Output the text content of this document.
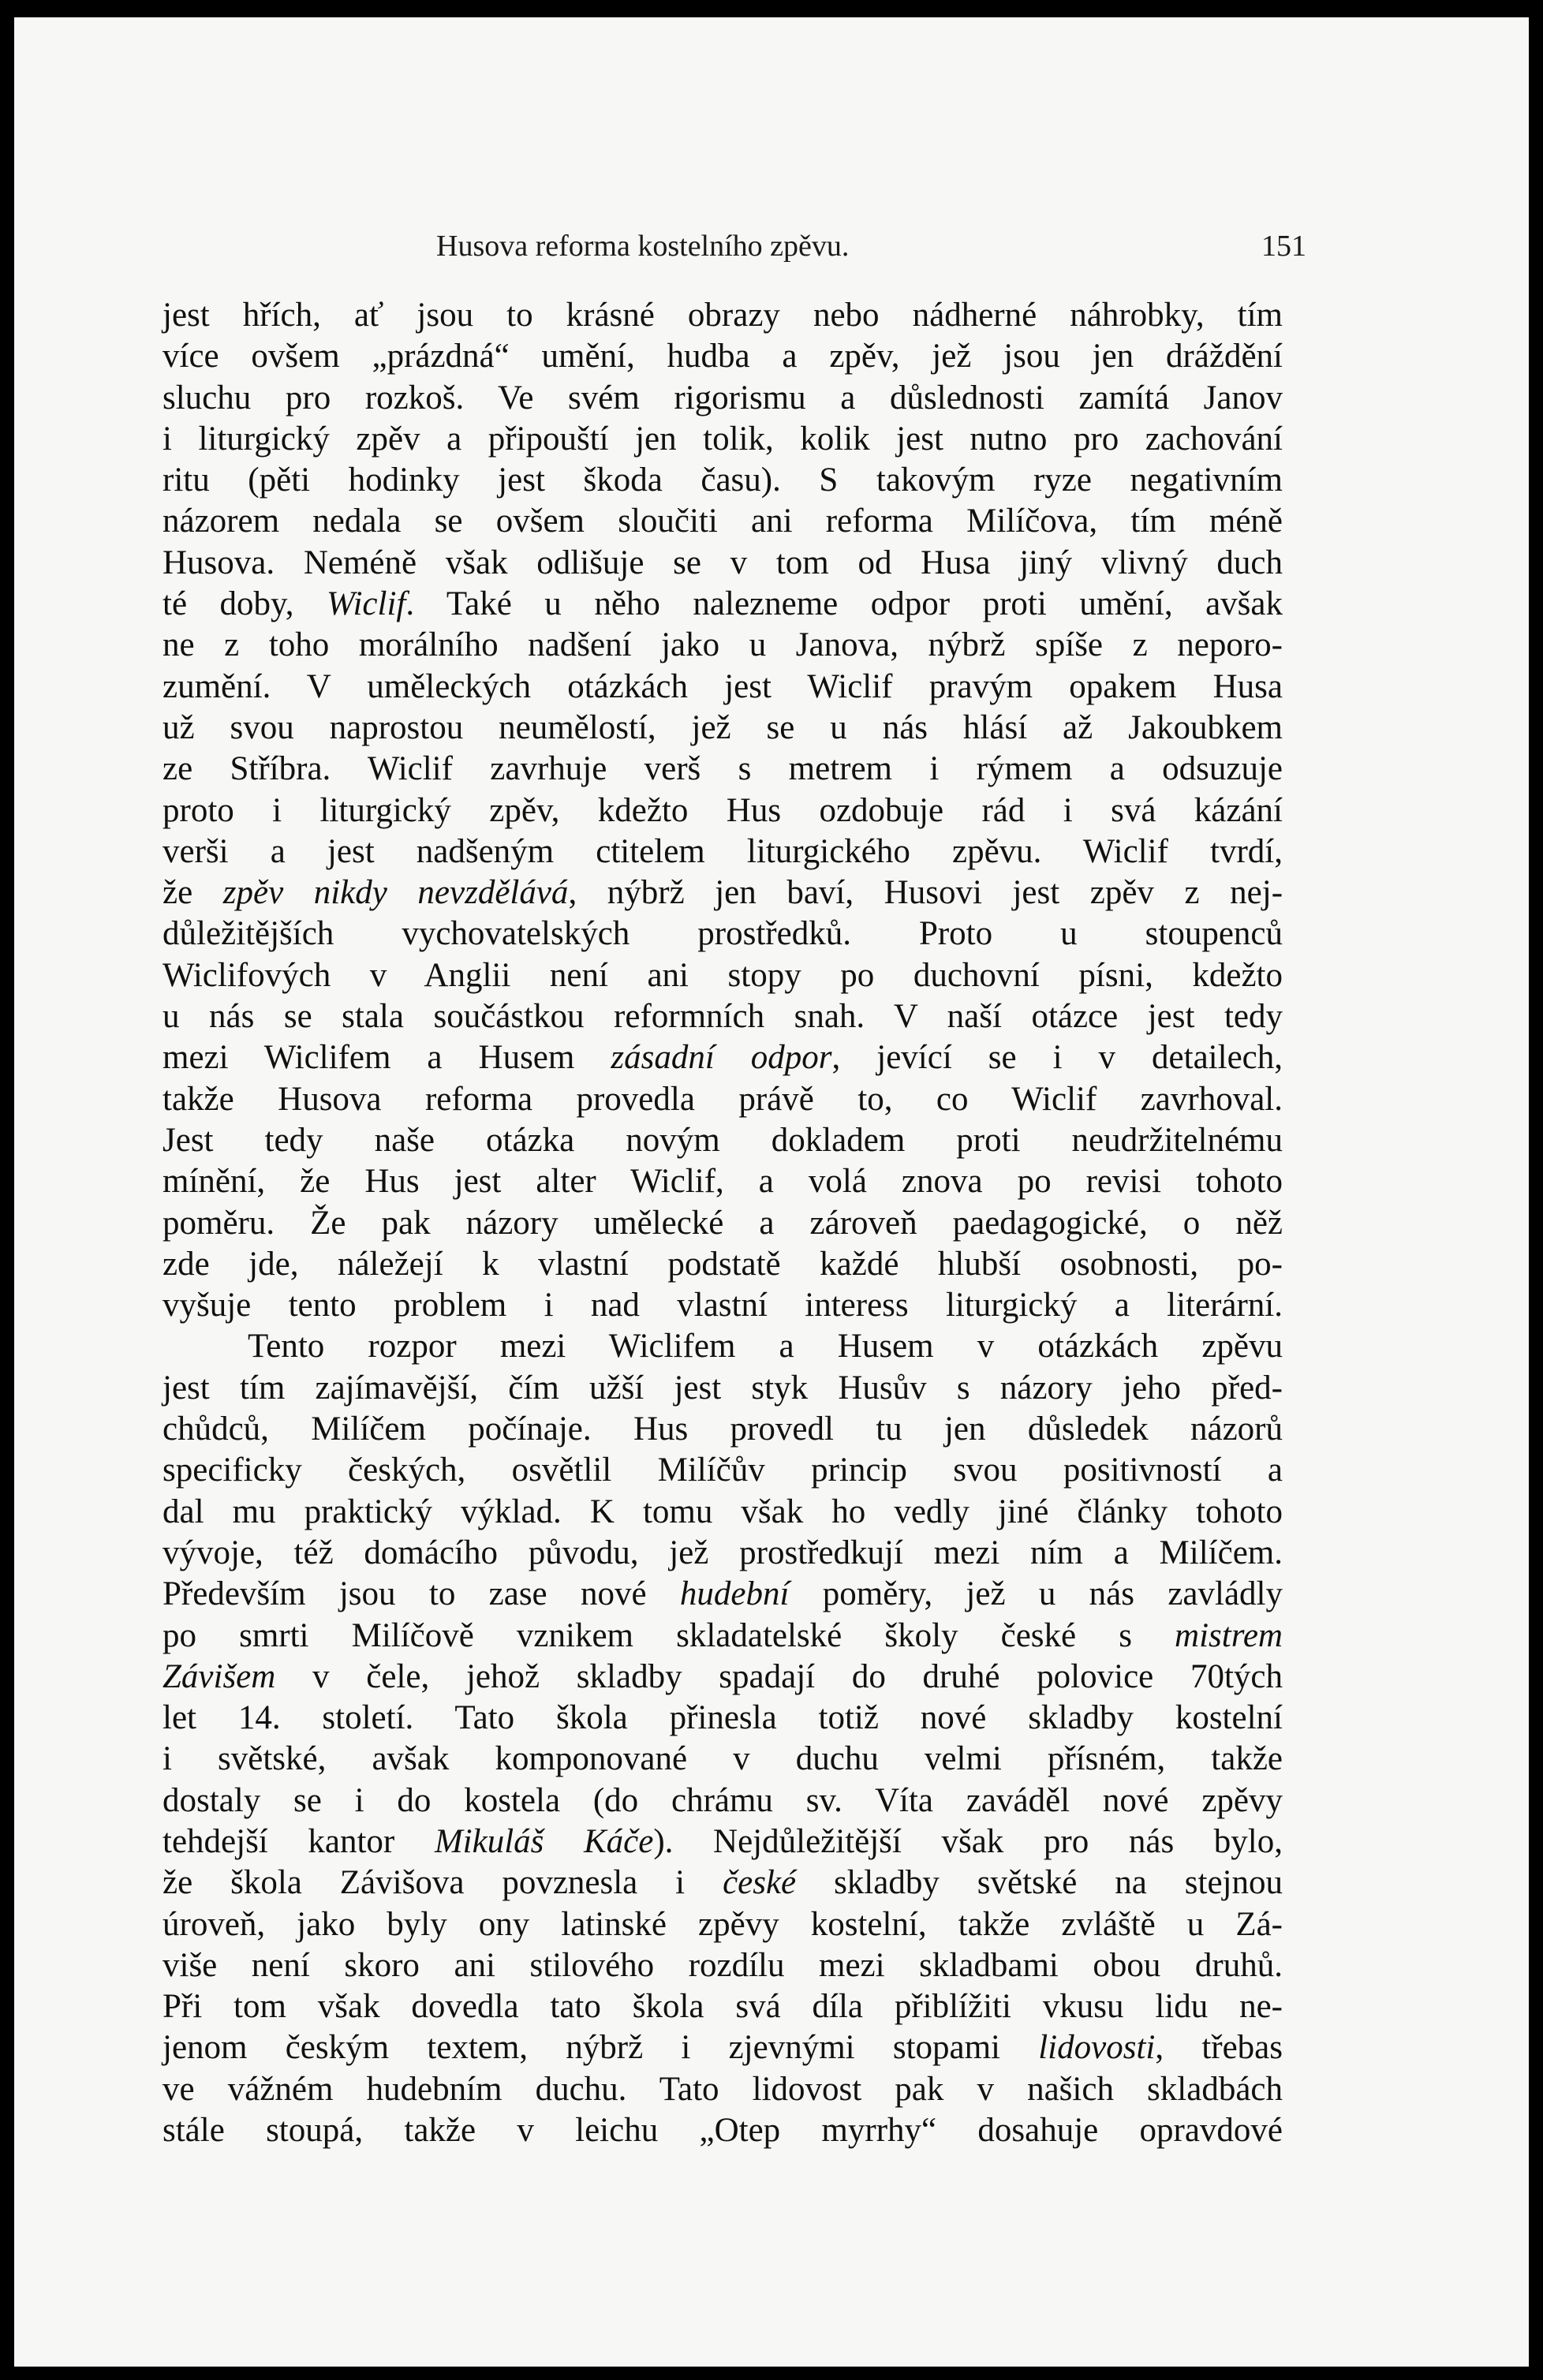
Husova reforma kostelního zpěvu.	151
jest hřích, ať jsou to krásné obrazy nebo nádherné náhrobky, tím
více ovšem „prázdná“ umění, hudba a zpěv, jež jsou jen dráždění
sluchu pro rozkoš. Ve svém rigorismu a důslednosti zamítá Janov
i liturgický zpěv a připouští jen tolik, kolik jest nutno pro zachování
ritu (pěti hodinky jest škoda času). S takovým ryze negativním
názorem nedala se ovšem sloučiti ani reforma Milíčova, tím méně
Husova. Neméně však odlišuje se v tom od Husa jiný vlivný duch
té doby, Wiclif. Také u něho nalezneme odpor proti umění, avšak
ne z toho morálního nadšení jako u Janova, nýbrž spíše z neporo-
zumění. V uměleckých otázkách jest Wiclif pravým opakem Husa
už svou naprostou neumělostí, jež se u nás hlásí až Jakoubkem
ze Stříbra. Wiclif zavrhuje verš s metrem i rýmem a odsuzuje
proto i liturgický zpěv, kdežto Hus ozdobuje rád i svá kázání
verši a jest nadšeným ctitelem liturgického zpěvu. Wiclif tvrdí,
že zpěv nikdy nevzdělává, nýbrž jen baví, Husovi jest zpěv z nej-
důležitějších vychovatelských prostředků. Proto u stoupenců
Wiclifových v Anglii není ani stopy po duchovní písni, kdežto
u nás se stala součástkou reformních snah. V naší otázce jest tedy
mezi Wiclifem a Husem zásadní odpor, jevící se i v detailech,
takže Husova reforma provedla právě to, co Wiclif zavrhoval.
Jest tedy naše otázka novým dokladem proti neudržitelnému
mínění, že Hus jest alter Wiclif, a volá znova po revisi tohoto
poměru. Že pak názory umělecké a zároveň paedagogické, o něž
zde jde, náležejí k vlastní podstatě každé hlubší osobnosti, po-
vyšuje tento problem i nad vlastní interess liturgický a literární.
Tento rozpor mezi Wiclifem a Husem v otázkách zpěvu
jest tím zajímavější, čím užší jest styk Husův s názory jeho před-
chůdců, Milíčem počínaje. Hus provedl tu jen důsledek názorů
specificky českých, osvětlil Milíčův princip svou positivností a
dal mu praktický výklad. K tomu však ho vedly jiné články tohoto
vývoje, též domácího původu, jež prostředkují mezi ním a Milíčem.
Především jsou to zase nové hudební poměry, jež u nás zavládly
po smrti Milíčově vznikem skladatelské školy české s mistrem
Závišem v čele, jehož skladby spadají do druhé polovice 70tých
let 14. století. Tato škola přinesla totiž nové skladby kostelní
i světské, avšak komponované v duchu velmi přísném, takže
dostaly se i do kostela (do chrámu sv. Víta zaváděl nové zpěvy
tehdejší kantor Mikuláš Káče). Nejdůležitější však pro nás bylo,
že škola Závišova povznesla i české skladby světské na stejnou
úroveň, jako byly ony latinské zpěvy kostelní, takže zvláště u Zá-
više není skoro ani stilového rozdílu mezi skladbami obou druhů.
Při tom však dovedla tato škola svá díla přiblížiti vkusu lidu ne-
jenom českým textem, nýbrž i zjevnými stopami lidovosti, třebas
ve vážném hudebním duchu. Tato lidovost pak v našich skladbách
stále stoupá, takže v leichu „Otep myrrhy“ dosahuje opravdové
